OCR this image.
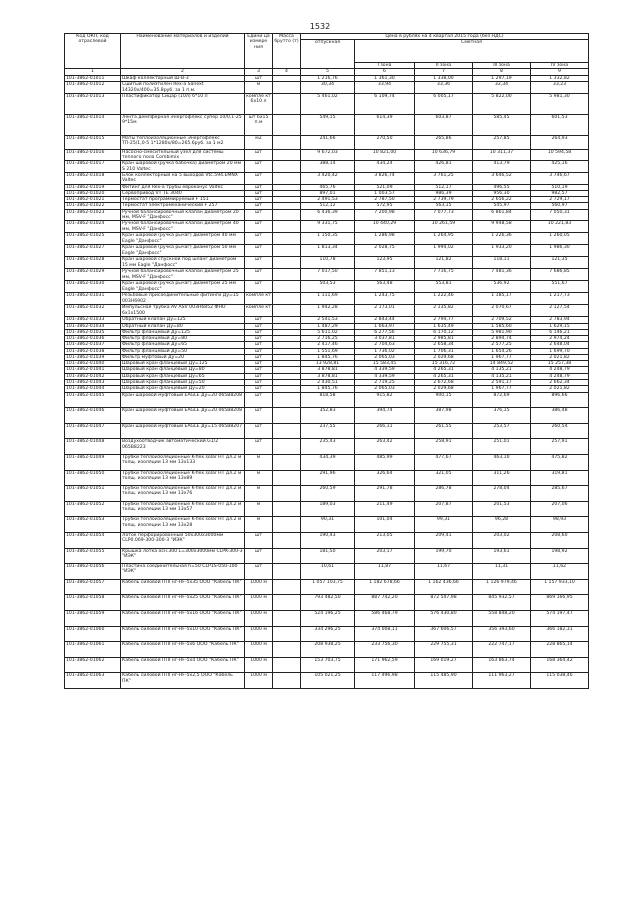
1532
Код ОКП, код отраслевой	Наименование материалов и изделий	Едини ца измере ния	Масса брутто (т)	Цена в рублях на 4 квартал 2015 года (без НДС)				
				отпускная	Сметная			
					I зона	II зона	III зона	IV зона
1	2	3	4	5	6	7	8	9
101-3862-01011	Шкаф коллекторный Ш-В-3	шт		1 216,76	1 361,30	1 338,00	1 297,19	1 332,82
101-3862-01012	Сшитый полиэтилен Rex-a Sanext 14320х/400=35.8руб. за 1 п.м.	м		30,34	33,94	33,36	32,34	33,23
101-3862-01013	Пластификатор Сицар (10л) 6*10 л	компле кт 6х10 л		5 461,02	6 109,74	6 005,17	5 822,00	5 981,30
101-3862-01014	Лента демпферная Энергофлекс супер 10/0,1-25 9*15м	шт 6х15 п.м		549,15	614,39	603,87	585,45	601,53
101-3862-01015	Маты теплоизоляционные Энергофлекс ТП-25/1,0-5 1*1280х/80=265.6руб. за 1 м2	м2		241,66	270,50	265,86	257,85	264,93
101-3862-01016	Насосно-смесительный узел для системы теплого пола Combimix	шт		9 672,03	10 821,00	10 636,79	10 311,37	10 594,58
101-3862-01017	Кран шаровой (ручка бабочка) диаметром 20 мм S 210 Valtec	шт		388,14	434,24	426,81	413,79	425,16
101-3862-01018	Блок коллекторный на 5 выходов Vtc.594.EMNX Valtec	шт		3 420,42	3 826,74	3 761,25	3 646,52	3 746,67
101-3862-01019	Фитинг для Rex-a трубы евроконус Valtec	шт		465,76	521,09	512,17	496,55	510,19
101-3862-01020	Сервопривод VT TE 3040	шт		897,01	1 003,57	986,39	956,30	982,57
101-3862-01021	Термостат программируемый F 151	шт		2 491,53	2 787,50	2 739,79	2 656,22	2 729,17
101-3862-01022	Термостат электромеханический F 257	шт		512,12	572,95	563,15	545,97	560,97
101-3862-01023	Ручной балансировочный клапан диаметром 20 мм, MSV-F "Данфосс"	шт		6 436,39	7 200,98	7 077,73	6 861,84	7 050,31
101-3862-01024	Ручной балансировочный клапан диаметром 40 мм, MSV-F "Данфосс"	шт		9 331,75	10 440,29	10 261,59	9 948,58	10 221,83
101-3862-01025	Кран шаровой (ручка рычаг) диаметром 40 мм Eagle "Данфосс"	шт		1 150,35	1 286,98	1 264,95	1 226,36	1 260,05
101-3862-01027	Кран шаровой (ручка рычаг) диаметром 50 мм Eagle "Данфосс"	шт		1 813,34	2 028,75	1 994,02	1 933,20	1 986,30
101-3862-01028	Кран шаровой спускной под шланг диаметром 15 мм Eagle "Данфосс"	шт		110,78	123,95	121,82	118,11	121,35
101-3862-01029	Ручной балансировочный клапан диаметром 25 мм, MSV-F "Данфосс"	шт		7 017,50	7 851,13	7 716,75	7 481,36	7 686,85
101-3862-01030	Кран шаровой (ручка рычаг) диаметром 25 мм Eagle "Данфосс"	шт		503,53	563,48	553,81	536,92	551,67
101-3862-01031	Резьбовые присоединительные фитинги Ду=15 003Н6902	компле кт		1 111,69	1 243,75	1 222,46	1 185,17	1 217,73
101-3862-01032	Импульсная трубка AV ASV 003Н6852 ФНО 6х1х1500	компле кт		1 942,28	2 173,01	2 135,82	2 070,67	2 127,54
101-3862-01033	Обратный клапан Ду=125	шт		2 541,53	2 843,44	2 794,77	2 709,52	2 783,94
101-3862-01034	Обратный клапан Ду=80	шт		1 487,29	1 663,97	1 635,49	1 585,60	1 629,15
101-3862-01035	Фильтр фланцевый Ду=125	шт		5 611,02	6 277,56	6 170,12	5 981,90	6 146,21
101-3862-01036	Фильтр фланцевый Ду=80	шт		2 716,25	3 037,81	2 985,81	2 894,74	2 974,24
101-3862-01037	Фильтр фланцевый Ду=65	шт		2 417,46	2 704,63	2 658,34	2 577,25	2 648,04
101-3862-01038	Фильтр фланцевый Ду=50	шт		1 551,69	1 736,02	1 706,31	1 654,26	1 699,70
101-3862-01039	Фильтр муфтовый Ду=20	шт		1 845,76	2 065,03	2 029,68	1 967,77	2 021,82
101-3862-01040	Шаровый кран фланцевый Ду=125	шт		13 928,81	15 583,45	15 316,72	14 849,52	15 257,38
101-3862-01041	Шаровый кран фланцевый Ду=80	шт		3 878,81	4 339,59	4 265,31	4 135,21	4 248,79
101-3862-01042	Шаровый кран фланцевый Ду=65	шт		3 878,81	4 339,59	4 265,31	4 135,21	4 248,79
101-3862-01043	Шаровый кран фланцевый Ду=50	шт		2 430,51	2 719,25	2 672,68	2 591,17	2 662,34
101-3862-01044	Шаровый кран фланцевый Ду=20	шт		1 845,76	2 065,03	2 029,68	1 967,77	2 021,82
101-3862-01045	Кран шаровой муфтовый EAGLE Ду=20 065В8208	шт		818,58	915,82	900,15	872,69	896,66
101-3862-01046	Кран шаровой муфтовый EAGLE Ду=20 065В8208	шт		352,83	394,74	387,98	376,15	386,48
101-3862-01047	Кран шаровой муфтовый EAGLE Ду=15 065В8207	шт		237,55	266,11	261,55	253,57	260,54
101-3862-01048	Воздухоотводчик автоматический G1/2 065В8223	шт		235,43	263,42	258,91	251,01	257,91
101-3862-01049	Трубки теплоизоляционные K-flex solar HT дл.2 м толщ. изоляции 13 мм 13х133	м		434,39	485,99	477,67	463,10	475,82
101-3862-01050	Трубки теплоизоляционные K-flex solar HT дл.2 м толщ. изоляции 13 мм 13х89	м		291,96	326,64	321,05	311,26	319,81
101-3862-01051	Трубки теплоизоляционные K-flex solar HT дл.2 м толщ. изоляции 13 мм 13х76	м		260,59	291,78	286,78	278,04	285,67
101-3862-01052	Трубки теплоизоляционные K-flex solar HT дл.2 м толщ. изоляции 13 мм 13х57	м		189,03	211,49	207,87	201,53	207,06
101-3862-01053	Трубки теплоизоляционные K-flex solar HT дл.2 м толщ. изоляции 13 мм 13х28	м		90,31	101,04	99,31	96,28	98,93
101-3862-01054	Лоток перфорированный 50х300х3000мм CLP0.069-300-300-3 "ИЭК"	шт		190,43	213,05	209,41	203,02	208,60
101-3862-01055	Крышка лотка осн.300 L=300х3000мм CLPK-300-3 "ИЭК"	шт		181,50	203,17	199,70	193,61	198,92
101-3862-01056	Пластина соединительная h=50 CLP1S-050-100 "ИЭК"	шт		10,61	11,87	11,67	11,31	11,62
101-3862-01057	Кабель силовой ППГнг-HF-5х35 ООО "Кабель ПК"	1000 м		1 057 103,75	1 182 678,66	1 162 436,66	1 126 979,46	1 157 933,10
101-3862-01058	Кабель силовой ППГнг-HF-5х25 ООО "Кабель ПК"	1000 м		793 482,50	887 742,20	872 547,98	845 932,57	869 166,95
101-3862-01059	Кабель силовой ППГнг-HF-5х16 ООО "Кабель ПК"	1000 м		524 196,25	586 468,79	576 430,80	558 848,20	574 197,47
101-3862-01060	Кабель силовой ППГнг-HF-5х10 ООО "Кабель ПК"	1000 м		334 296,25	374 008,11	367 606,57	356 393,60	366 182,31
101-3862-01061	Кабель силовой ППГнг-HF-5х6 ООО "Кабель ПК"	1000 м		208 938,25	233 756,30	229 755,31	222 747,17	228 865,14
101-3862-01062	Кабель силовой ППГнг-HF-5х4 ООО "Кабель ПК"	1000 м		153 703,75	171 962,59	169 019,27	163 863,74	168 364,42
101-3862-01063	Кабель силовой ППГнг-HF-5х2,5 ООО "Кабель ПК"	1000 м		105 021,25	117 496,98	115 485,90	111 963,27	115 038,46
